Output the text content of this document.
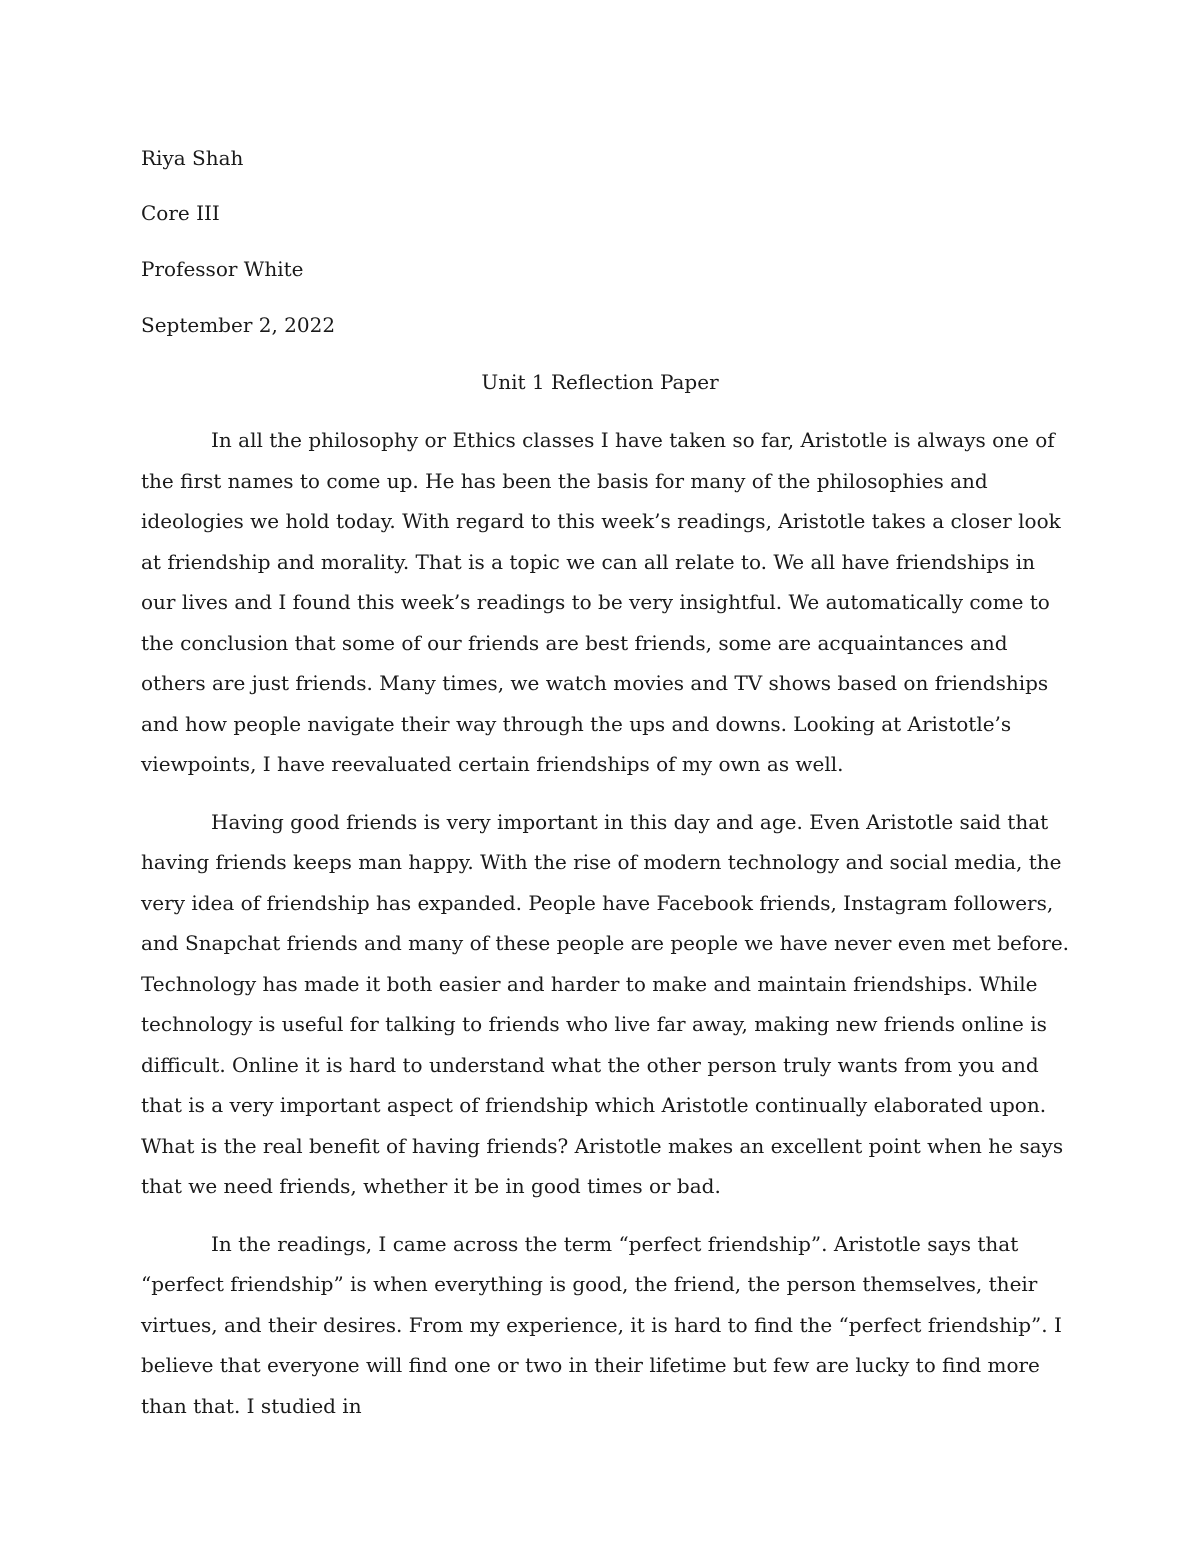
Riya Shah

Core III

Professor White

September 2, 2022

Unit 1 Reflection Paper

In all the philosophy or Ethics classes I have taken so far, Aristotle is always one of the first names to come up. He has been the basis for many of the philosophies and ideologies we hold today. With regard to this week’s readings, Aristotle takes a closer look at friendship and morality. That is a topic we can all relate to. We all have friendships in our lives and I found this week’s readings to be very insightful. We automatically come to the conclusion that some of our friends are best friends, some are acquaintances and others are just friends. Many times, we watch movies and TV shows based on friendships and how people navigate their way through the ups and downs. Looking at Aristotle’s viewpoints, I have reevaluated certain friendships of my own as well.

Having good friends is very important in this day and age. Even Aristotle said that having friends keeps man happy. With the rise of modern technology and social media, the very idea of friendship has expanded. People have Facebook friends, Instagram followers, and Snapchat friends and many of these people are people we have never even met before. Technology has made it both easier and harder to make and maintain friendships. While technology is useful for talking to friends who live far away, making new friends online is difficult. Online it is hard to understand what the other person truly wants from you and that is a very important aspect of friendship which Aristotle continually elaborated upon. What is the real benefit of having friends? Aristotle makes an excellent point when he says that we need friends, whether it be in good times or bad.

In the readings, I came across the term “perfect friendship”. Aristotle says that “perfect friendship” is when everything is good, the friend, the person themselves, their virtues, and their desires. From my experience, it is hard to find the “perfect friendship”. I believe that everyone will find one or two in their lifetime but few are lucky to find more than that. I studied in
